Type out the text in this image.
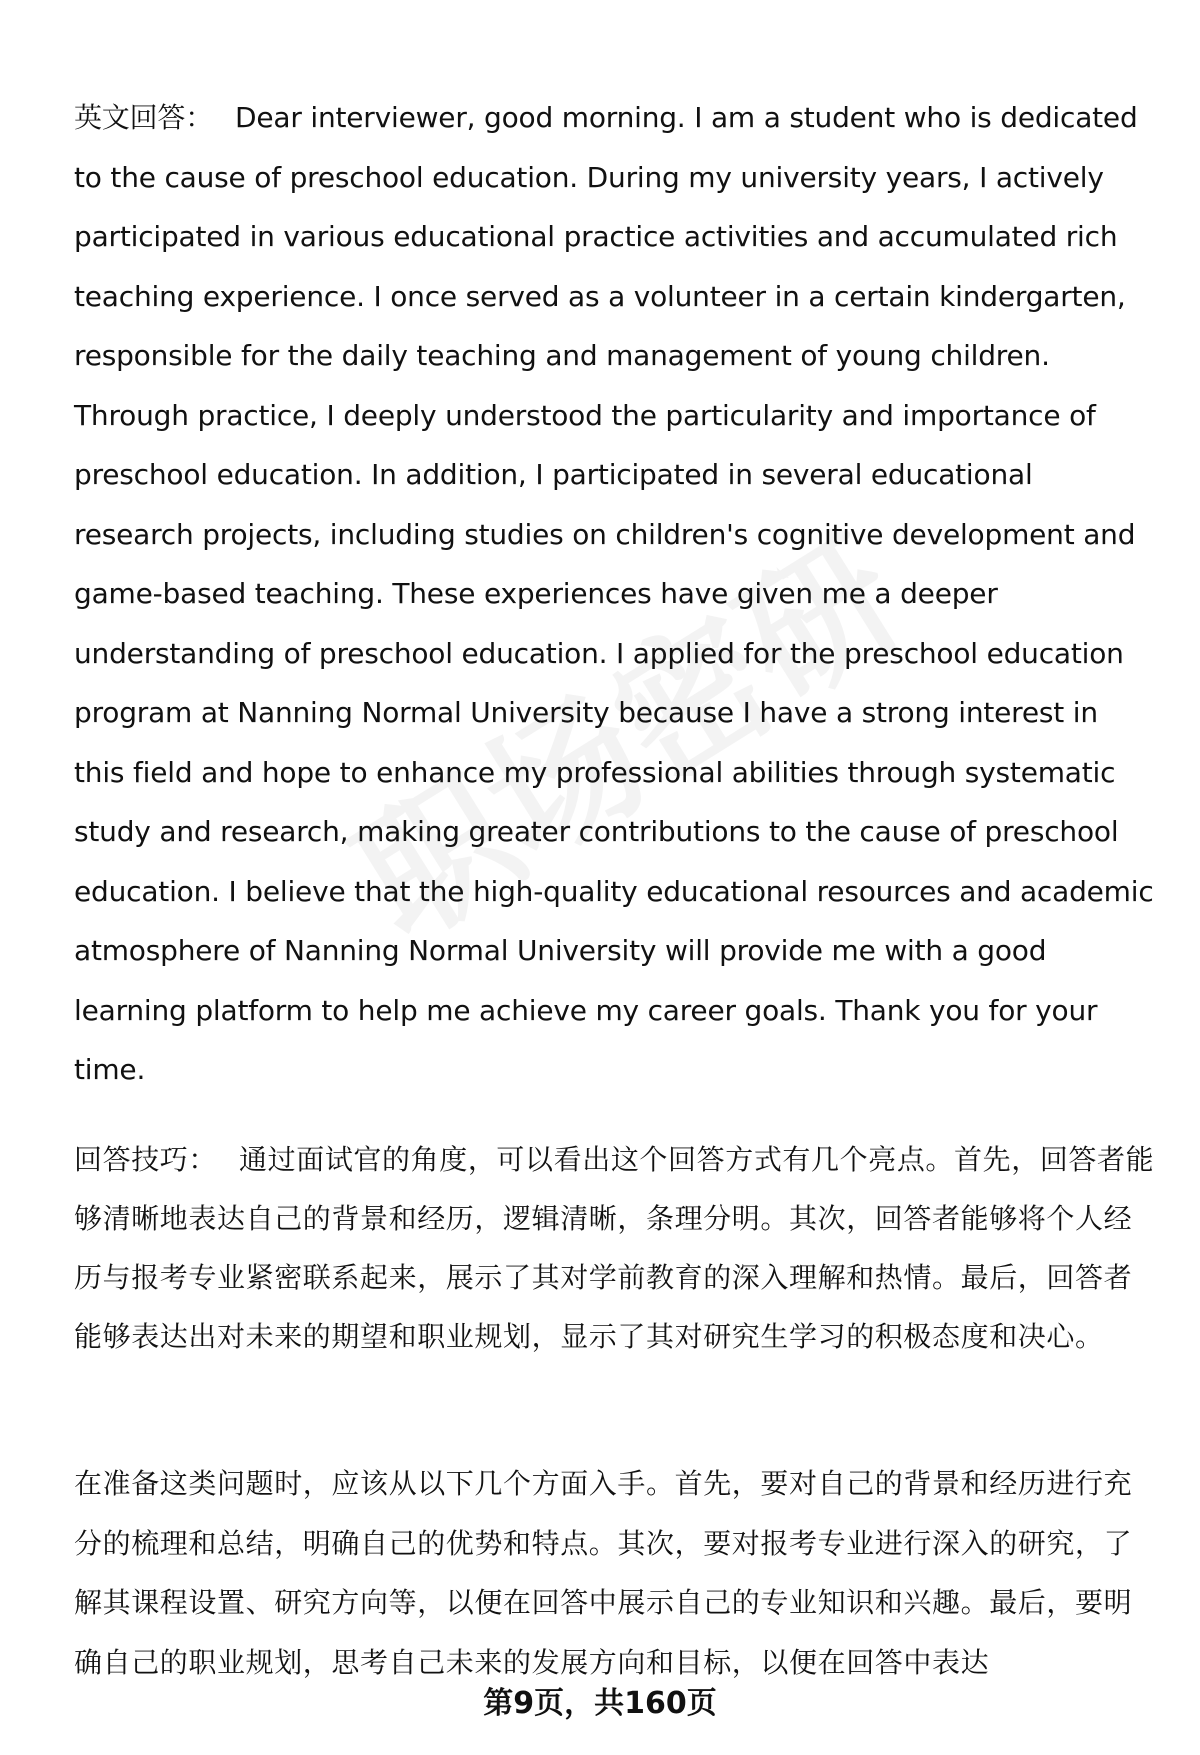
英文回答： Dear interviewer, good morning. I am a student who is dedicated to the cause of preschool education. During my university years, I actively participated in various educational practice activities and accumulated rich teaching experience. I once served as a volunteer in a certain kindergarten, responsible for the daily teaching and management of young children. Through practice, I deeply understood the particularity and importance of preschool education. In addition, I participated in several educational research projects, including studies on children's cognitive development and game-based teaching. These experiences have given me a deeper understanding of preschool education. I applied for the preschool education program at Nanning Normal University because I have a strong interest in this field and hope to enhance my professional abilities through systematic study and research, making greater contributions to the cause of preschool education. I believe that the high-quality educational resources and academic atmosphere of Nanning Normal University will provide me with a good learning platform to help me achieve my career goals. Thank you for your time.

回答技巧： 通过面试官的角度，可以看出这个回答方式有几个亮点。首先，回答者能够清晰地表达自己的背景和经历，逻辑清晰，条理分明。其次，回答者能够将个人经历与报考专业紧密联系起来，展示了其对学前教育的深入理解和热情。最后，回答者能够表达出对未来的期望和职业规划，显示了其对研究生学习的积极态度和决心。

在准备这类问题时，应该从以下几个方面入手。首先，要对自己的背景和经历进行充分的梳理和总结，明确自己的优势和特点。其次，要对报考专业进行深入的研究，了解其课程设置、研究方向等，以便在回答中展示自己的专业知识和兴趣。最后，要明确自己的职业规划，思考自己未来的发展方向和目标，以便在回答中表达

第9页，共160页
